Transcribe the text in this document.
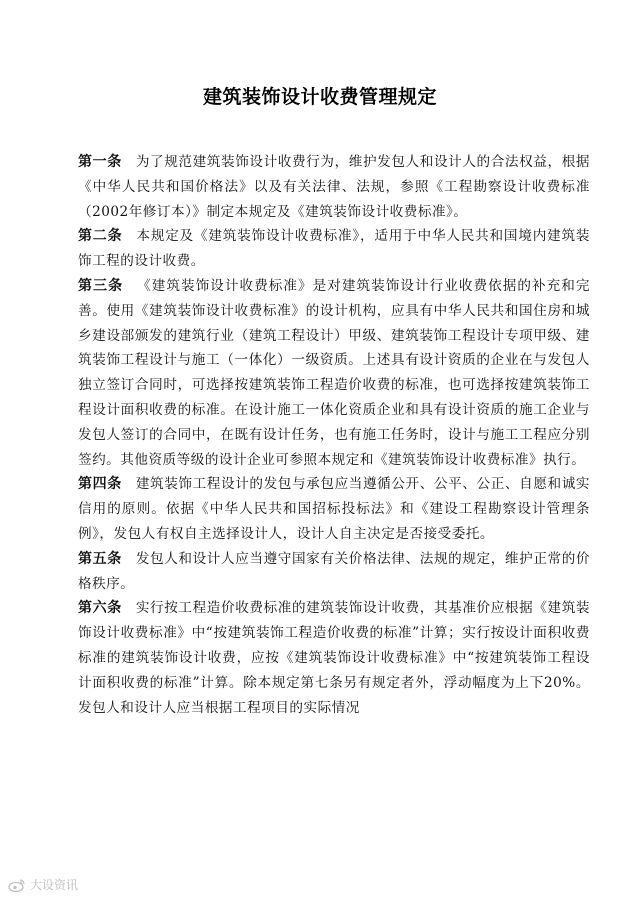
建筑装饰设计收费管理规定

第一条 为了规范建筑装饰设计收费行为，维护发包人和设计人的合法权益，根据《中华人民共和国价格法》以及有关法律、法规，参照《工程勘察设计收费标准（2002年修订本）》制定本规定及《建筑装饰设计收费标准》。

第二条 本规定及《建筑装饰设计收费标准》，适用于中华人民共和国境内建筑装饰工程的设计收费。

第三条 《建筑装饰设计收费标准》是对建筑装饰设计行业收费依据的补充和完善。使用《建筑装饰设计收费标准》的设计机构，应具有中华人民共和国住房和城乡建设部颁发的建筑行业（建筑工程设计）甲级、建筑装饰工程设计专项甲级、建筑装饰工程设计与施工（一体化）一级资质。上述具有设计资质的企业在与发包人独立签订合同时，可选择按建筑装饰工程造价收费的标准，也可选择按建筑装饰工程设计面积收费的标准。在设计施工一体化资质企业和具有设计资质的施工企业与发包人签订的合同中，在既有设计任务，也有施工任务时，设计与施工工程应分别签约。其他资质等级的设计企业可参照本规定和《建筑装饰设计收费标准》执行。

第四条 建筑装饰工程设计的发包与承包应当遵循公开、公平、公正、自愿和诚实信用的原则。依据《中华人民共和国招标投标法》和《建设工程勘察设计管理条例》，发包人有权自主选择设计人，设计人自主决定是否接受委托。

第五条 发包人和设计人应当遵守国家有关价格法律、法规的规定，维护正常的价格秩序。

第六条 实行按工程造价收费标准的建筑装饰设计收费，其基准价应根据《建筑装饰设计收费标准》中“按建筑装饰工程造价收费的标准”计算；实行按设计面积收费标准的建筑装饰设计收费，应按《建筑装饰设计收费标准》中“按建筑装饰工程设计面积收费的标准”计算。除本规定第七条另有规定者外，浮动幅度为上下20%。发包人和设计人应当根据工程项目的实际情况

大设资讯
